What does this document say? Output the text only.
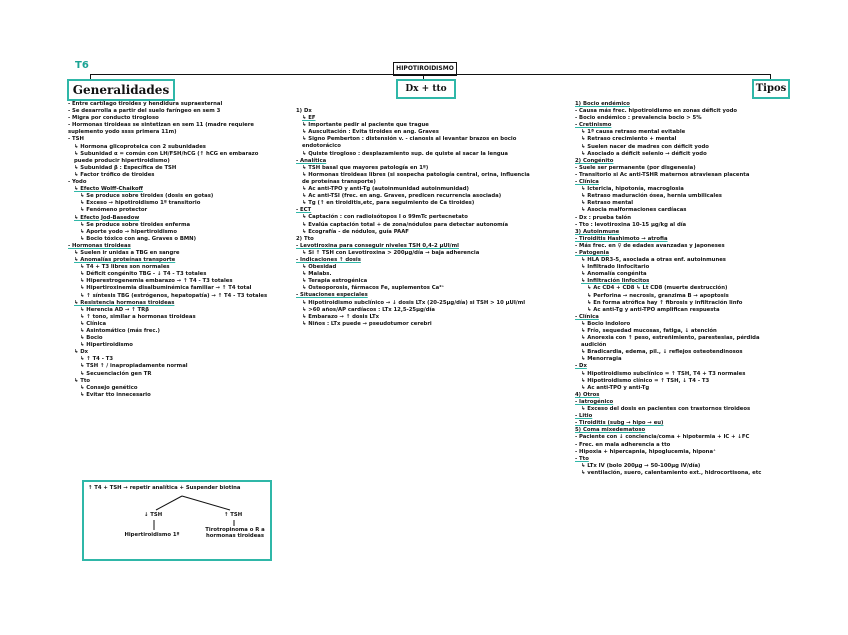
T6	HIPOTIROIDISMO
Generalidades	Dx + tto	Tipos
- Entre cartílago tiroides y hendidura supraesternal
- Se desarrolla a partir del suelo faríngeo en sem 3
- Migra por conducto tirogloso
- Hormonas tiroideas se sintetizan en sem 11 (madre requiere
suplemento yodo ssss primera 11m)
- TSH
↳ Hormona glicoproteica con 2 subunidades
↳ Subunidad α = común con LH/FSH/hCG (↑ hCG en embarazo
puede producir hipertiroidismo)
↳ Subunidad β : Específica de TSH
↳ Factor trófico de tiroides
- Yodo
↳ Efecto Wolff-Chaikoff
↳ Se produce sobre tiroides (dosis en gotas)
↳ Exceso → hipotiroidismo 1º transitorio
↳ Fenómeno protector
↳ Efecto Jod-Basedow
↳ Se produce sobre tiroides enferma
↳ Aporte yodo → hipertiroidismo
↳ Bocio tóxico con ang. Graves o BMN)
- Hormonas tiroideas
↳ Suelen ir unidas a TBG en sangre
↳ Anomalías proteínas transporte
↳ T4 + T3 libres son normales
↳ Déficit congénito TBG - ↓ T4 - T3 totales
↳ Hiperestrogenemia embarazo → ↑ T4 - T3 totales
↳ Hipertiroxinemia disalbuminémica familiar → ↑ T4 total
↳ ↑ síntesis TBG (estrógenos, hepatopatía) → ↑ T4 - T3 totales
↳ Resistencia hormonas tiroideas
↳ Herencia AD → ↑ TRβ
↳ ↑ tono, similar a hormonas tiroideas
↳ Clínica
↳ Asintomático (más frec.)
↳ Bocio
↳ Hipertiroidismo
↳ Dx
↳ ↑ T4 - T3
↳ TSH ↑ / inapropiadamente normal
↳ Secuenciación gen TR
↳ Tto
↳ Consejo genético
↳ Evitar tto innecesario
↑ T4 + TSH → repetir analítica + Suspender biotina
↓ TSH
Hipertiroidismo 1º
↑ TSH
Tirotropinoma o R a hormonas tiroideas
1) Dx
↳ EF
↳ Importante pedir al paciente que trague
↳ Auscultación : Evita tiroides en ang. Graves
↳ Signo Pemberton : distensión v. - cianosis al levantar brazos en bocio
endotorácico
↳ Quiste tirogloso : desplazamiento sup. de quiste al sacar la lengua
- Analítica
↳ TSH basal que mayores patología en 1º)
↳ Hormonas tiroideas libres (si sospecha patología central, orina, influencia
de proteínas transporte)
↳ Ac anti-TPO y anti-Tg (autoinmunidad autoinmunidad)
↳ Ac anti-TSI (frec. en ang. Graves, predicen recurrencia asociada)
↳ Tg (↑ en tiroiditis,etc, para seguimiento de Ca tiroides)
- ECT
↳ Captación : con radioisótopos I o 99mTc pertecnetato
↳ Evalúa captación total + de zona/nódulos para detectar autonomía
↳ Ecografía - de nódulos, guía PAAF
2) Tto
- Levotiroxina para conseguir niveles TSH 0,4-2 μUI/ml
↳ Si ↑ TSH con Levotiroxina > 200μg/día → baja adherencia
- Indicaciones ↑ dosis
↳ Obesidad
↳ Malabs.
↳ Terapia estrogénica
↳ Osteoporosis, fármacos Fe, suplementos Ca²⁺
- Situaciones especiales
↳ Hipotiroidismo subclínico → ↓ dosis LTx (20-25μg/día) si TSH > 10 μUI/ml
↳ >60 años/AP cardíacos : LTx 12,5-25μg/día
↳ Embarazo → ↑ dosis LTx
↳ Niños : LTx puede → pseudotumor cerebri
1) Bocio endémico
- Causa más frec. hipotiroidismo en zonas déficit yodo
- Bocio endémico : prevalencia bocio > 5%
- Cretinismo
↳ 1ª causa retraso mental evitable
↳ Retraso crecimiento + mental
↳ Suelen nacer de madres con déficit yodo
↳ Asociado a déficit selenio → déficit yodo
2) Congénito
- Suele ser permanente (por disgenesia)
- Transitorio si Ac anti-TSHR maternos atraviesan placenta
- Clínica
↳ Ictericia, hipotonía, macroglosia
↳ Retraso maduración ósea, hernia umbilicales
↳ Retraso mental
↳ Asocia malformaciones cardíacas
- Dx : prueba talón
- Tto : levotiroxina 10-15 μg/kg al día
3) Autoinmune
- Tiroiditis Hashimoto → atrofia
- Más frec. en ♀ de edades avanzadas y japoneses
- Patogenia
↳ HLA DR3-5, asociada a otras enf. autoinmunes
↳ Infiltrado linfocitario
↳ Anomalía congénita
↳ Infiltración linfocitos
↳ Ac CD4 + CD8 ↳ Lt CD8 (muerte destrucción)
↳ Perforina → necrosis, granzima B → apoptosis
↳ En forma atrófica hay ↑ fibrosis y infiltración linfo
↳ Ac anti-Tg y anti-TPO amplifican respuesta
- Clínica
↳ Bocio indoloro
↳ Frío, sequedad mucosas, fatiga, ↓ atención
↳ Anorexia con ↑ peso, estreñimiento, parestesias, pérdida
audición
↳ Bradicardia, edema, pil., ↓ reflejos osteotendinosos
↳ Menorragia
- Dx
↳ Hipotiroidismo subclínico = ↑ TSH, T4 + T3 normales
↳ Hipotiroidismo clínico = ↑ TSH, ↓ T4 - T3
↳ Ac anti-TPO y anti-Tg
4) Otros
- Iatrogénico
↳ Exceso del dosis en pacientes con trastornos tiroideos
- Litio
- Tiroiditis (subg → hipo → eu)
5) Coma mixedematoso
- Paciente con ↓ conciencia/coma + hipotermia + IC + ↓FC
- Frec. en mala adherencia a tto
- Hipoxia + hipercapnia, hipoglucemia, hipona⁺
- Tto
↳ LTx IV (bolo 200μg → 50-100μg IV/día)
↳ ventilación, suero, calentamiento ext., hidrocortisona, etc
